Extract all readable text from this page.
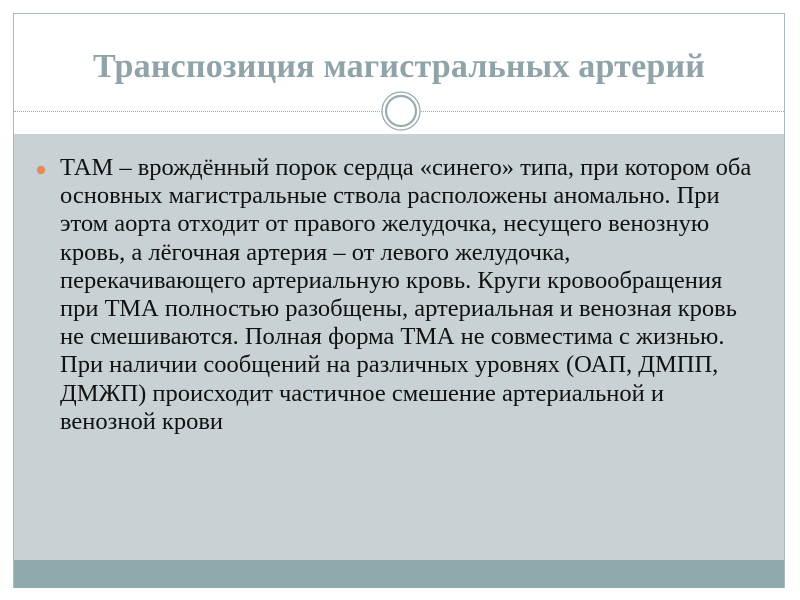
Транспозиция магистральных артерий
ТАМ – врождённый порок сердца «синего» типа, при котором оба основных магистральные ствола расположены аномально. При этом аорта отходит от правого желудочка, несущего венозную кровь, а лёгочная артерия – от левого желудочка, перекачивающего артериальную кровь. Круги кровообращения при ТМА полностью разобщены, артериальная и венозная кровь не смешиваются. Полная форма ТМА не совместима с жизнью. При наличии сообщений на различных уровнях (ОАП, ДМПП, ДМЖП) происходит частичное смешение артериальной и венозной крови
